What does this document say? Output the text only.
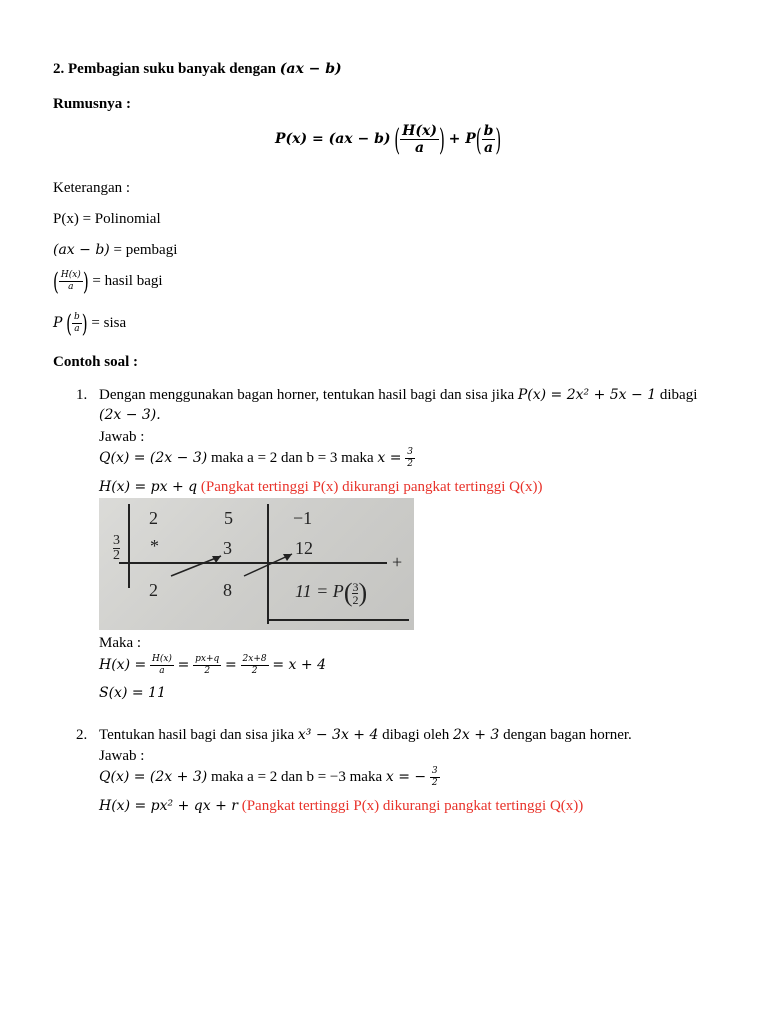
2. Pembagian suku banyak dengan (ax − b)
Rumusnya :
P(x) = (ax − b) ( $\frac{H(x)}{a}$ ) + $P( \frac{b}{a}$ )
Keterangan :
P(x) = Polinomial
(ax − b) = pembagi
( $\frac{H(x)}{a}$ ) = hasil bagi
P ( $\frac{b}{a}$ ) = sisa
Contoh soal :
1. Dengan menggunakan bagan horner, tentukan hasil bagi dan sisa jika P(x) = 2x² + 5x − 1 dibagi
(2x − 3).
Jawab :
Q(x) = (2x − 3) maka a = 2 dan b = 3 maka $x = \frac{3}{2}$
H(x) = px + q (Pangkat tertinggi P(x) dikurangi pangkat tertinggi Q(x))
3
2
2	5	−1
*	3	12
2	8	$11 = P( \frac{3}{2}$ )
+
Maka :
$H(x) = \frac{H(x)}{a} = \frac{px+q}{2} = \frac{2x+8}{2} = x + 4$
S(x) = 11
2. Tentukan hasil bagi dan sisa jika x³ − 3x + 4 dibagi oleh 2x + 3 dengan bagan horner.
Jawab :
Q(x) = (2x + 3) maka a = 2 dan b = −3 maka x = − $\frac{3}{2}$
H(x) = px² + qx + r (Pangkat tertinggi P(x) dikurangi pangkat tertinggi Q(x))
